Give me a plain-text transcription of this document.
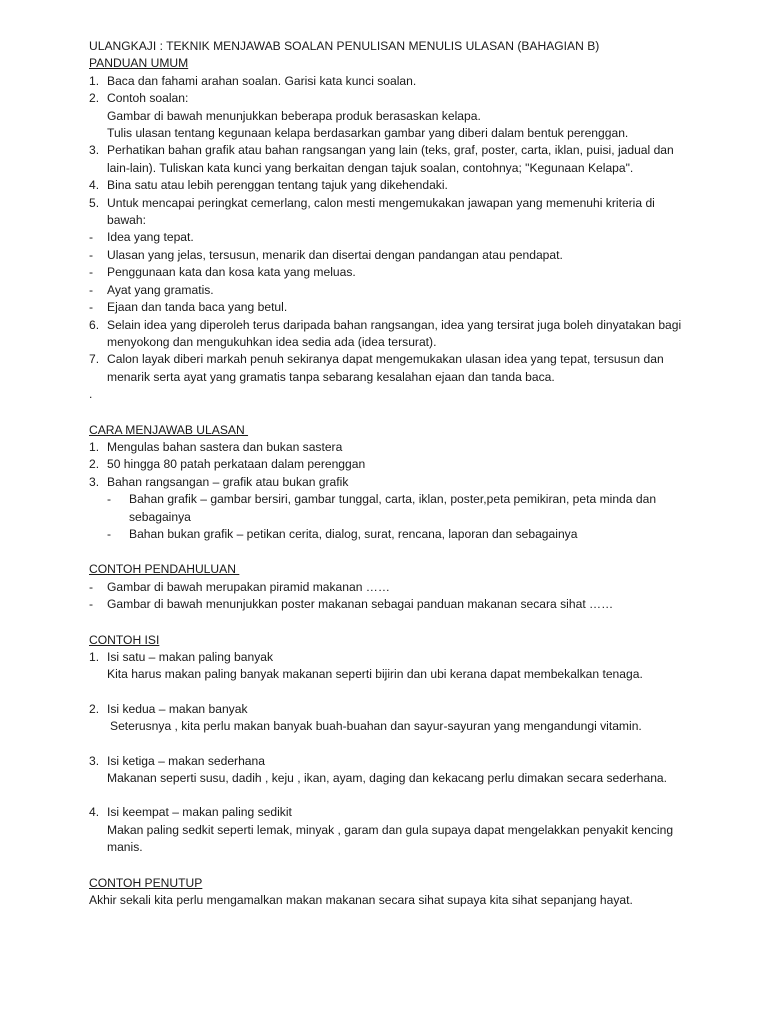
ULANGKAJI : TEKNIK MENJAWAB SOALAN PENULISAN MENULIS ULASAN (BAHAGIAN B)
PANDUAN UMUM
1. Baca dan fahami arahan soalan. Garisi kata kunci soalan.
2. Contoh soalan:
Gambar di bawah menunjukkan beberapa produk berasaskan kelapa.
Tulis ulasan tentang kegunaan kelapa berdasarkan gambar yang diberi dalam bentuk perenggan.
3. Perhatikan bahan grafik atau bahan rangsangan yang lain (teks, graf, poster, carta, iklan, puisi, jadual dan lain-lain). Tuliskan kata kunci yang berkaitan dengan tajuk soalan, contohnya; "Kegunaan Kelapa".
4. Bina satu atau lebih perenggan tentang tajuk yang dikehendaki.
5. Untuk mencapai peringkat cemerlang, calon mesti mengemukakan jawapan yang memenuhi kriteria di bawah:
-	Idea yang tepat.
-	Ulasan yang jelas, tersusun, menarik dan disertai dengan pandangan atau pendapat.
-	Penggunaan kata dan kosa kata yang meluas.
-	Ayat yang gramatis.
-	Ejaan dan tanda baca yang betul.
6. Selain idea yang diperoleh terus daripada bahan rangsangan, idea yang tersirat juga boleh dinyatakan bagi menyokong dan mengukuhkan idea sedia ada (idea tersurat).
7. Calon layak diberi markah penuh sekiranya dapat mengemukakan ulasan idea yang tepat, tersusun dan menarik serta ayat yang gramatis tanpa sebarang kesalahan ejaan dan tanda baca.

.

CARA MENJAWAB ULASAN
1. Mengulas bahan sastera dan bukan sastera
2. 50 hingga 80 patah perkataan dalam perenggan
3. Bahan rangsangan – grafik atau bukan grafik
-	Bahan grafik – gambar bersiri, gambar tunggal, carta, iklan, poster,peta pemikiran, peta minda dan sebagainya
-	Bahan bukan grafik – petikan cerita, dialog, surat, rencana, laporan dan sebagainya
CONTOH PENDAHULUAN
-	Gambar di bawah merupakan piramid makanan ……
-	Gambar di bawah menunjukkan poster makanan sebagai panduan makanan secara sihat ……
CONTOH ISI
1. Isi satu – makan paling banyak
Kita harus makan paling banyak makanan seperti bijirin dan ubi kerana dapat membekalkan tenaga.
2. Isi kedua – makan banyak
Seterusnya , kita perlu makan banyak buah-buahan dan sayur-sayuran yang mengandungi vitamin.
3. Isi ketiga – makan sederhana
Makanan seperti susu, dadih , keju , ikan, ayam, daging dan kekacang perlu dimakan secara sederhana.
4. Isi keempat – makan paling sedikit
Makan paling sedkit seperti lemak, minyak , garam dan gula supaya dapat mengelakkan penyakit kencing manis.
CONTOH PENUTUP

Akhir sekali kita perlu mengamalkan makan makanan secara sihat supaya kita sihat sepanjang hayat.
